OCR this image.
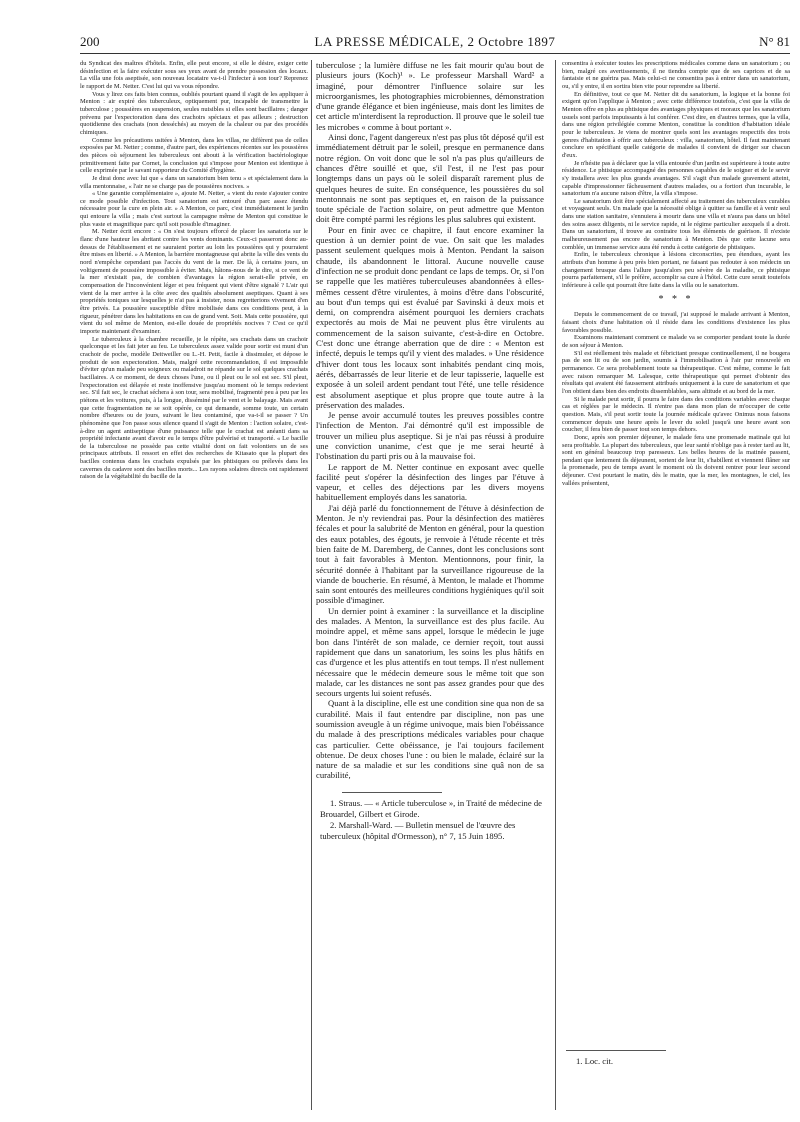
200	LA PRESSE MÉDICALE, 2 Octobre 1897	N° 81

du Syndicat des maîtres d'hôtels. Enfin, elle peut encore, si elle le désire, exiger cette désinfection et la faire exécuter sous ses yeux avant de prendre possession des locaux. La villa une fois aseptisée, son nouveau locataire va-t-il l'infecter à son tour? Reprenez le rapport de M. Netter. C'est lui qui va vous répondre.

Vous y lirez ces faits bien connus, oubliés pourtant quand il s'agit de les appliquer à Menton : air expiré des tuberculeux, optiquement pur, incapable de transmettre la tuberculose ; poussières en suspension, seules nuisibles si elles sont bacillaires ; danger prévenu par l'expectoration dans des crachoirs spéciaux et pas ailleurs ; destruction quotidienne des crachats (non desséchés) au moyen de la chaleur ou par des procédés chimiques.

Comme les précautions usitées à Menton, dans les villas, ne diffèrent pas de celles exposées par M. Netter ; comme, d'autre part, des expériences récentes sur les poussières des pièces où séjournent les tuberculeux ont abouti à la vérification bactériologique primitivement faite par Cornet, la conclusion qui s'impose pour Menton est identique à celle exprimée par le savant rapporteur du Comité d'hygiène.

Je dirai donc avec lui que « dans un sanatorium bien tenu » et spécialement dans la villa mentonnaise, « l'air ne se charge pas de poussières nocives. »

« Une garantie complémentaire », ajoute M. Netter, « vient du reste s'ajouter contre ce mode possible d'infection. Tout sanatorium est entouré d'un parc assez étendu nécessaire pour la cure en plein air. » A Menton, ce parc, c'est immédiatement le jardin qui entoure la villa ; mais c'est surtout la campagne même de Menton qui constitue le plus vaste et magnifique parc qu'il soit possible d'imaginer.

M. Netter écrit encore : « On s'est toujours efforcé de placer les sanatoria sur le flanc d'une hauteur les abritant contre les vents dominants. Ceux-ci passeront donc au-dessus de l'établissement et ne sauraient porter au loin les poussières qui y pourraient être mises en liberté. » A Menton, la barrière montagneuse qui abrite la ville des vents du nord n'empêche cependant pas l'accès du vent de la mer. De là, à certains jours, un voltigement de poussière impossible à éviter. Mais, hâtons-nous de le dire, si ce vent de la mer n'existait pas, de combien d'avantages la région serait-elle privée, en compensation de l'inconvénient léger et peu fréquent qui vient d'être signalé ? L'air qui vient de la mer arrive à la côte avec des qualités absolument aseptiques. Quant à ses propriétés toniques sur lesquelles je n'ai pas à insister, nous regretterions vivement d'en être privés. La poussière susceptible d'être mobilisée dans ces conditions peut, à la rigueur, pénétrer dans les habitations en cas de grand vent. Soit. Mais cette poussière, qui vient du sol même de Menton, est-elle douée de propriétés nocives ? C'est ce qu'il importe maintenant d'examiner.

Le tuberculeux à la chambre recueille, je le répète, ses crachats dans un crachoir quelconque et les fait jeter au feu. Le tuberculeux assez valide pour sortir est muni d'un crachoir de poche, modèle Deitweiller ou L.-H. Petit, facile à dissimuler, et dépose le produit de son expectoration. Mais, malgré cette recommandation, il est impossible d'éviter qu'un malade peu soigneux ou maladroit ne répande sur le sol quelques crachats bacillaires. A ce moment, de deux choses l'une, ou il pleut ou le sol est sec. S'il pleut, l'expectoration est délayée et reste inoffensive jusqu'au moment où le temps redevient sec. S'il fait sec, le crachat séchera à son tour, sera mobilisé, fragmenté peu à peu par les piétons et les voitures, puis, à la longue, disséminé par le vent et le balayage. Mais avant que cette fragmentation ne se soit opérée, ce qui demande, somme toute, un certain nombre d'heures ou de jours, suivant le lieu contaminé, que va-t-il se passer ? Un phénomène que l'on passe sous silence quand il s'agit de Menton : l'action solaire, c'est-à-dire un agent antiseptique d'une puissance telle que le crachat est anéanti dans sa propriété infectante avant d'avoir eu le temps d'être pulvérisé et transporté. « Le bacille de la tuberculose ne possède pas cette vitalité dont on fait volontiers un de ses principaux attributs. Il ressort en effet des recherches de Kitasato que la plupart des bacilles contenus dans les crachats expulsés par les phtisiques ou prélevés dans les cavernes du cadavre sont des bacilles morts... Les rayons solaires directs ont rapidement raison de la végétabilité du bacille de la

tuberculose ; la lumière diffuse ne les fait mourir qu'au bout de plusieurs jours (Koch)¹ ». Le professeur Marshall Ward² a imaginé, pour démontrer l'influence solaire sur les microorganismes, les photographies microbiennes, démonstration d'une grande élégance et bien ingénieuse, mais dont les limites de cet article m'interdisent la reproduction. Il prouve que le soleil tue les microbes « comme à bout portant ».

Ainsi donc, l'agent dangereux n'est pas plus tôt déposé qu'il est immédiatement détruit par le soleil, presque en permanence dans notre région. On voit donc que le sol n'a pas plus qu'ailleurs de chances d'être souillé et que, s'il l'est, il ne l'est pas pour longtemps dans un pays où le soleil disparaît rarement plus de quelques heures de suite. En conséquence, les poussières du sol mentonnais ne sont pas septiques et, en raison de la puissance toute spéciale de l'action solaire, on peut admettre que Menton doit être compté parmi les régions les plus salubres qui existent.

Pour en finir avec ce chapitre, il faut encore examiner la question à un dernier point de vue. On sait que les malades passent seulement quelques mois à Menton. Pendant la saison chaude, ils abandonnent le littoral. Aucune nouvelle cause d'infection ne se produit donc pendant ce laps de temps. Or, si l'on se rappelle que les matières tuberculeuses abandonnées à elles-mêmes cessent d'être virulentes, à moins d'être dans l'obscurité, au bout d'un temps qui est évalué par Savinski à deux mois et demi, on comprendra aisément pourquoi les derniers crachats expectorés au mois de Mai ne peuvent plus être virulents au commencement de la saison suivante, c'est-à-dire en Octobre. C'est donc une étrange aberration que de dire : « Menton est infecté, depuis le temps qu'il y vient des malades. » Une résidence d'hiver dont tous les locaux sont inhabités pendant cinq mois, aérés, débarrassés de leur literie et de leur tapisserie, laquelle est exposée à un soleil ardent pendant tout l'été, une telle résidence est absolument aseptique et plus propre que toute autre à la préservation des malades.

Je pense avoir accumulé toutes les preuves possibles contre l'infection de Menton. J'ai démontré qu'il est impossible de trouver un milieu plus aseptique. Si je n'ai pas réussi à produire une conviction unanime, c'est que je me serai heurté à l'obstination du parti pris ou à la mauvaise foi.

Le rapport de M. Netter continue en exposant avec quelle facilité peut s'opérer la désinfection des linges par l'étuve à vapeur, et celles des déjections par les divers moyens habituellement employés dans les sanatoria.

J'ai déjà parlé du fonctionnement de l'étuve à désinfection de Menton. Je n'y reviendrai pas. Pour la désinfection des matières fécales et pour la salubrité de Menton en général, pour la question des eaux potables, des égouts, je renvoie à l'étude récente et très bien faite de M. Daremberg, de Cannes, dont les conclusions sont tout à fait favorables à Menton. Mentionnons, pour finir, la sécurité donnée à l'habitant par la surveillance rigoureuse de la viande de boucherie. En résumé, à Menton, le malade et l'homme sain sont entourés des meilleures conditions hygiéniques qu'il soit possible d'imaginer.

Un dernier point à examiner : la surveillance et la discipline des malades. A Menton, la surveillance est des plus facile. Au moindre appel, et même sans appel, lorsque le médecin le juge bon dans l'intérêt de son malade, ce dernier reçoit, tout aussi rapidement que dans un sanatorium, les soins les plus hâtifs en cas d'urgence et les plus attentifs en tout temps. Il n'est nullement nécessaire que le médecin demeure sous le même toit que son malade, car les distances ne sont pas assez grandes pour que des secours urgents lui soient refusés.

Quant à la discipline, elle est une condition sine qua non de sa curabilité. Mais il faut entendre par discipline, non pas une soumission aveugle à un régime univoque, mais bien l'obéissance du malade à des prescriptions médicales variables pour chaque cas particulier. Cette obéissance, je l'ai toujours facilement obtenue. De deux choses l'une : ou bien le malade, éclairé sur la nature de sa maladie et sur les conditions sine quâ non de sa curabilité,

1. Straus. — « Article tuberculose », in Traité de médecine de Brouardel, Gilbert et Girode.

2. Marshall-Ward. — Bulletin mensuel de l'œuvre des tuberculeux (hôpital d'Ormesson), n° 7, 15 Juin 1895.

consentira à exécuter toutes les prescriptions médicales comme dans un sanatorium ; ou bien, malgré ces avertissements, il ne tiendra compte que de ses caprices et de sa fantaisie et ne guérira pas. Mais celui-ci ne consentira pas à entrer dans un sanatorium, ou, s'il y entre, il en sortira bien vite pour reprendre sa liberté.

En définitive, tout ce que M. Netter dit du sanatorium, la logique et la bonne foi exigent qu'on l'applique à Menton ; avec cette différence toutefois, c'est que la villa de Menton offre en plus au phtisique des avantages physiques et moraux que les sanatorium usuels sont parfois impuissants à lui conférer. C'est dire, en d'autres termes, que la villa, dans une région privilégiée comme Menton, constitue la condition d'habitation idéale pour le tuberculeux. Je viens de montrer quels sont les avantages respectifs des trois genres d'habitation à offrir aux tuberculeux : villa, sanatorium, hôtel. Il faut maintenant conclure en spécifiant quelle catégorie de malades il convient de diriger sur chacun d'eux.

Je n'hésite pas à déclarer que la villa entourée d'un jardin est supérieure à toute autre résidence. Le phtisique accompagné des personnes capables de le soigner et de le servir s'y installera avec les plus grands avantages. S'il s'agit d'un malade gravement atteint, capable d'impressionner fâcheusement d'autres malades, ou a fortiori d'un incurable, le sanatorium n'a aucune raison d'être, la villa s'impose.

Le sanatorium doit être spécialement affecté au traitement des tuberculeux curables et voyageant seuls. Un malade que la nécessité oblige à quitter sa famille et à venir seul dans une station sanitaire, s'ennuiera à mourir dans une villa et n'aura pas dans un hôtel des soins assez diligents, ni le service rapide, ni le régime particulier auxquels il a droit. Dans un sanatorium, il trouve au contraire tous les éléments de guérison. Il n'existe malheureusement pas encore de sanatorium à Menton. Dès que cette lacune sera comblée, un immense service aura été rendu à cette catégorie de phtisiques.

Enfin, le tuberculeux chronique à lésions circonscrites, peu étendues, ayant les attributs d'un homme à peu près bien portant, ne faisant pas redouter à son médecin un changement brusque dans l'allure jusqu'alors peu sévère de la maladie, ce phtisique pourra parfaitement, s'il le préfère, accomplir sa cure à l'hôtel. Cette cure serait toutefois inférieure à celle qui pourrait être faite dans la villa ou le sanatorium.

* * *

Depuis le commencement de ce travail, j'ai supposé le malade arrivant à Menton, faisant choix d'une habitation où il réside dans les conditions d'existence les plus favorables possible.

Examinons maintenant comment ce malade va se comporter pendant toute la durée de son séjour à Menton.

S'il est réellement très malade et fébricitant presque continuellement, il ne bougera pas de son lit ou de son jardin, soumis à l'immobilisation à l'air pur renouvelé en permanence. Ce sera probablement toute sa thérapeutique. C'est même, comme le fait avec raison remarquer M. Lalesque, cette thérapeutique qui permet d'obtenir des résultats qui avaient été faussement attribués uniquement à la cure de sanatorium et que l'on obtient dans bien des endroits dissemblables, sans altitude et au bord de la mer.

Si le malade peut sortir, il pourra le faire dans des conditions variables avec chaque cas et réglées par le médecin. Il n'entre pas dans mon plan de m'occuper de cette question. Mais, s'il peut sortir toute la journée médicale qu'avec Onimus nous faisons commencer depuis une heure après le lever du soleil jusqu'à une heure avant son coucher, il fera bien de passer tout son temps dehors.

Donc, après son premier déjeuner, le malade fera une promenade matinale qui lui sera profitable. La plupart des tuberculeux, que leur santé n'oblige pas à rester tard au lit, sont en général beaucoup trop paresseux. Les belles heures de la matinée passent, pendant que lentement ils déjeunent, sortent de leur lit, s'habillent et viennent flâner sur la promenade, peu de temps avant le moment où ils doivent rentrer pour leur second déjeuner. C'est pourtant le matin, dès le matin, que la mer, les montagnes, le ciel, les vallées présentent,

1. Loc. cit.
